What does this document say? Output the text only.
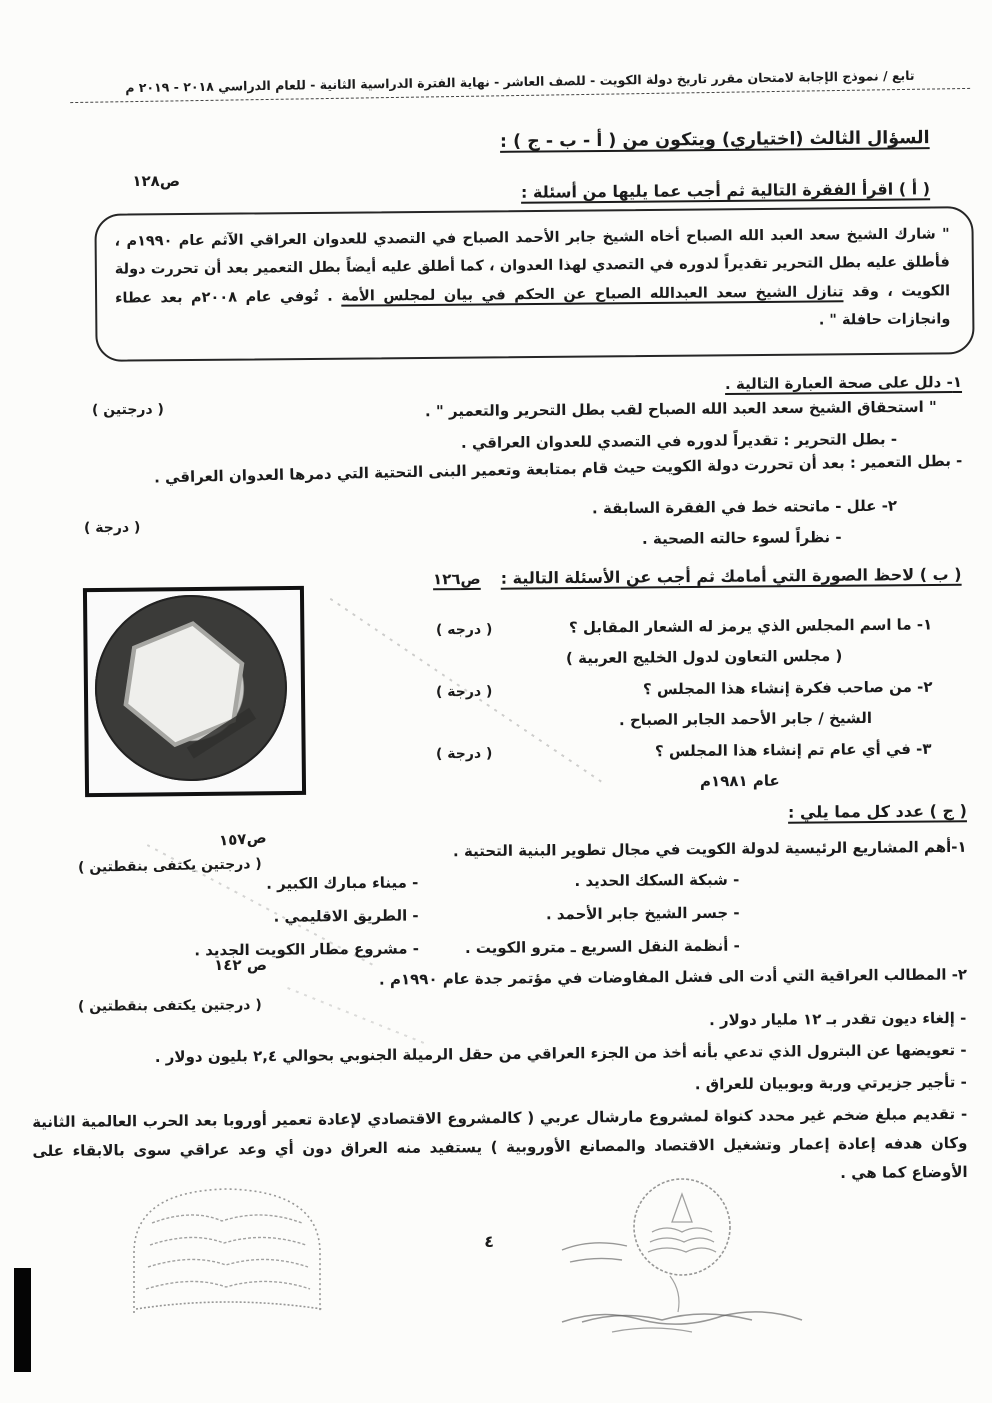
تابع / نموذج الإجابة لامتحان مقرر تاريخ دولة الكويت - للصف العاشر - نهاية الفترة الدراسية الثانية - للعام الدراسي ٢٠١٨ - ٢٠١٩ م
السؤال الثالث (اختياري) ويتكون من ( أ - ب - ج ) :
ص١٢٨	( أ ) اقرأ الفقرة التالية ثم أجب عما يليها من أسئلة :

" شارك الشيخ سعد العبد الله الصباح أخاه الشيخ جابر الأحمد الصباح في التصدي للعدوان العراقي الآثم عام ١٩٩٠م ، فأطلق عليه بطل التحرير تقديراً لدوره في التصدي لهذا العدوان ، كما أطلق عليه أيضاً بطل التعمير بعد أن تحررت دولة الكويت ، وقد تنازل الشيخ سعد العبدالله الصباح عن الحكم في بيان لمجلس الأمة . تُوفي عام ٢٠٠٨م بعد عطاء وانجازات حافلة " .

١- دلل على صحة العبارة التالية .
" استحقاق الشيخ سعد العبد الله الصباح لقب بطل التحرير والتعمير " .
( درجتين )
- بطل التحرير : تقديراً لدوره في التصدي للعدوان العراقي .
- بطل التعمير : بعد أن تحررت دولة الكويت حيث قام بمتابعة وتعمير البنى التحتية التي دمرها العدوان العراقي .
٢- علل - ماتحته خط في الفقرة السابقة .
( درجة )
- نظراً لسوء حالته الصحية .
( ب ) لاحظ الصورة التي أمامك ثم أجب عن الأسئلة التالية :
ص١٢٦
١- ما اسم المجلس الذي يرمز له الشعار المقابل ؟
( درجه )
( مجلس التعاون لدول الخليج العربية )
٢- من صاحب فكرة إنشاء هذا المجلس ؟
( درجة )
الشيخ / جابر الأحمد الجابر الصباح .
٣- في أي عام تم إنشاء هذا المجلس ؟
( درجة )
عام ١٩٨١م
( ج ) عدد كل مما يلي :
١-أهم المشاريع الرئيسية لدولة الكويت في مجال تطوير البنية التحتية .
ص١٥٧
( درجتين يكتفى بنقطتين )
- شبكة السكك الحديد .
- جسر الشيخ جابر الأحمد .
- أنظمة النقل السريع ـ مترو الكويت .
- ميناء مبارك الكبير .
- الطريق الاقليمي .
- مشروع مطار الكويت الجديد .
٢- المطالب العراقية التي أدت الى فشل المفاوضات في مؤتمر جدة عام ١٩٩٠م .
ص ١٤٢
( درجتين يكتفى بنقطتين )
- إلغاء ديون تقدر بـ ١٢ مليار دولار .
- تعويضها عن البترول الذي تدعي بأنه أخذ من الجزء العراقي من حقل الرميلة الجنوبي بحوالي ٢,٤ بليون دولار .
- تأجير جزيرتي وربة وبوبيان للعراق .
- تقديم مبلغ ضخم غير محدد كنواة لمشروع مارشال عربي ( كالمشروع الاقتصادي لإعادة تعمير أوروبا بعد الحرب العالمية الثانية وكان هدفه إعادة إعمار وتشغيل الاقتصاد والمصانع الأوروبية ) يستفيد منه العراق دون أي وعد عراقي سوى بالابقاء على الأوضاع كما هي .
٤
